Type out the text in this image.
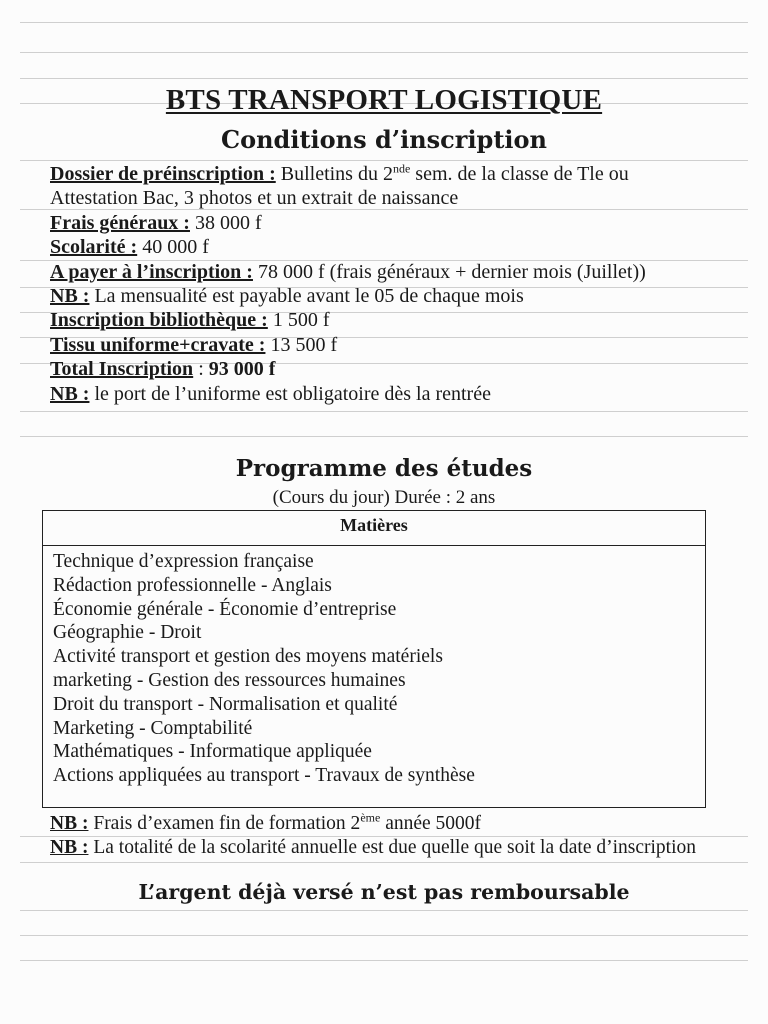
BTS TRANSPORT LOGISTIQUE
Conditions d’inscription
Dossier de préinscription : Bulletins du 2nde sem. de la classe de Tle ou Attestation Bac, 3 photos et un extrait de naissance
Frais généraux : 38 000 f
Scolarité : 40 000 f
A payer à l’inscription : 78 000 f (frais généraux + dernier mois (Juillet))
NB : La mensualité est payable avant le 05 de chaque mois
Inscription bibliothèque : 1 500 f
Tissu uniforme+cravate : 13 500 f
Total Inscription : 93 000 f
NB : le port de l’uniforme est obligatoire dès la rentrée
Programme des études
(Cours du jour) Durée : 2 ans
Matières
Technique d’expression française
Rédaction professionnelle - Anglais
Économie générale - Économie d’entreprise
Géographie - Droit
Activité transport et gestion des moyens matériels
marketing - Gestion des ressources humaines
Droit du transport - Normalisation et qualité
Marketing - Comptabilité
Mathématiques - Informatique appliquée
Actions appliquées au transport - Travaux de synthèse
NB : Frais d’examen fin de formation 2ème année 5000f
NB : La totalité de la scolarité annuelle est due quelle que soit la date d’inscription
L’argent déjà versé n’est pas remboursable
